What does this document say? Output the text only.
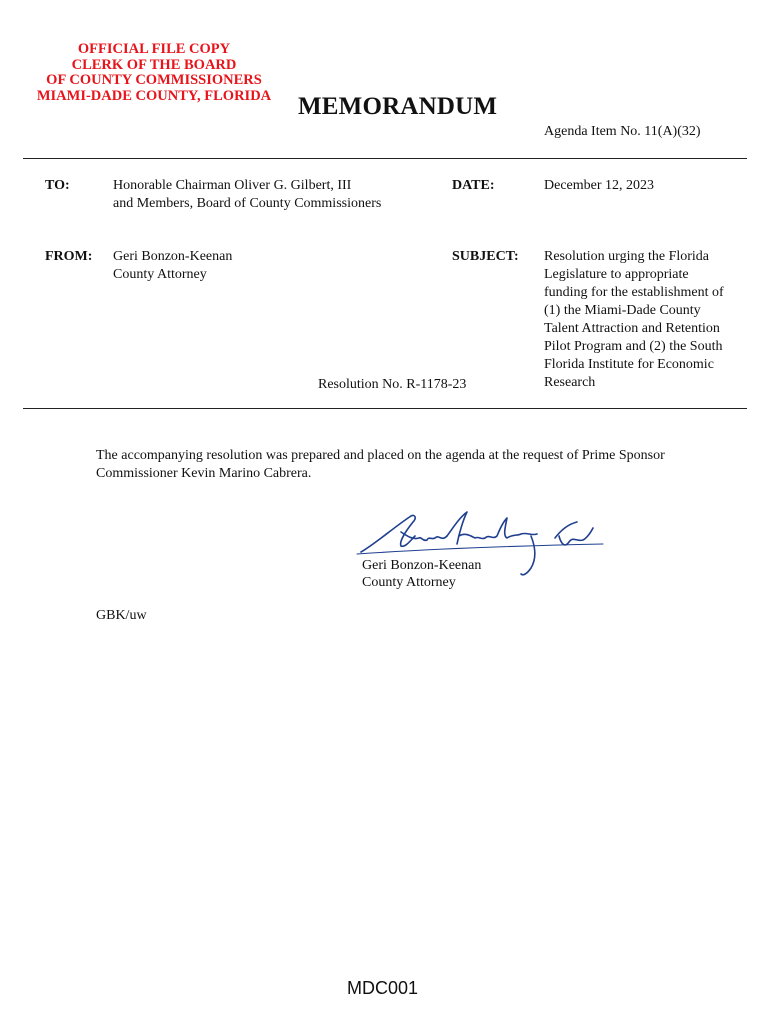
OFFICIAL FILE COPY
CLERK OF THE BOARD
OF COUNTY COMMISSIONERS
MIAMI-DADE COUNTY, FLORIDA	MEMORANDUM
Agenda Item No. 11(A)(32)
TO:	Honorable Chairman Oliver G. Gilbert, III
and Members, Board of County Commissioners
DATE:	December 12, 2023
FROM: Geri Bonzon-Keenan
County Attorney
SUBJECT: Resolution urging the Florida
Legislature to appropriate
funding for the establishment of
(1) the Miami-Dade County
Talent Attraction and Retention
Pilot Program and (2) the South
Florida Institute for Economic
Research
Resolution No. R-1178-23
The accompanying resolution was prepared and placed on the agenda at the request of Prime Sponsor
Commissioner Kevin Marino Cabrera.
Geri Bonzon-Keenan
County Attorney
GBK/uw
MDC001
